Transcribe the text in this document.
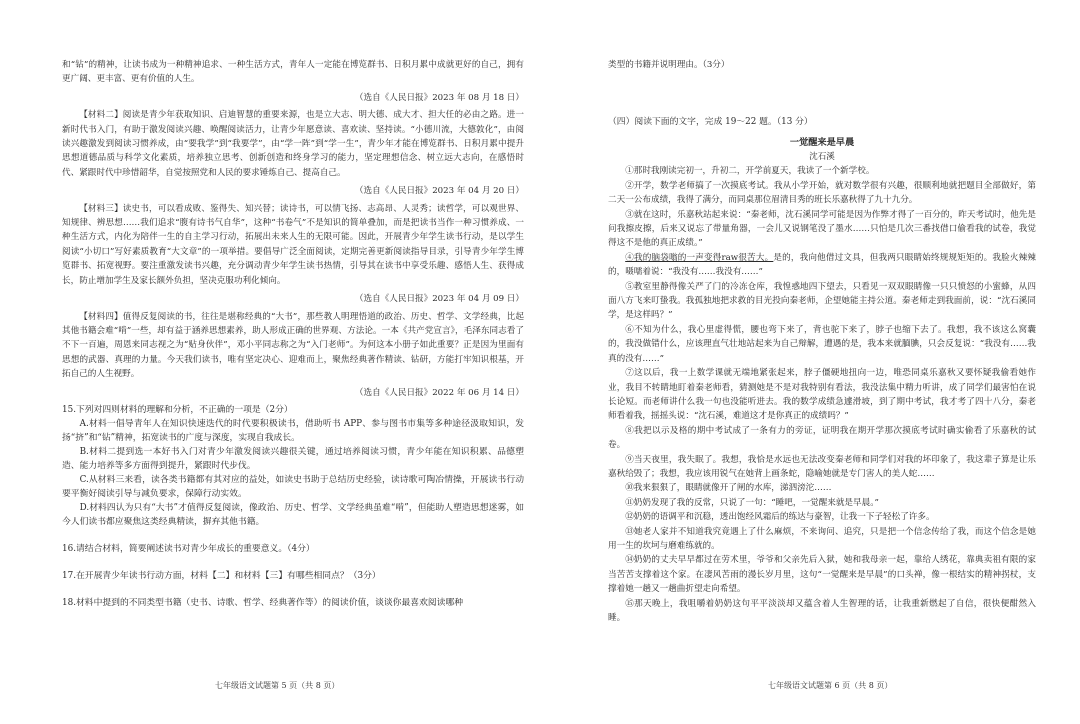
和“钻”的精神，让读书成为一种精神追求、一种生活方式，青年人一定能在博览群书、日积月累中成就更好的自己，拥有更广阔、更丰富、更有价值的人生。

（选自《人民日报》2023 年 08 月 18 日）

【材料二】阅读是青少年获取知识、启迪智慧的重要来源，也是立大志、明大德、成大才、担大任的必由之路。进一新时代书入门，有助于激发阅读兴趣、唤醒阅读活力，让青少年愿意读、喜欢读、坚持读。“小德川流，大德敦化”，由阅读兴趣激发到阅读习惯养成，由“要我学”到“我要学”，由“学一阵”到“学一生”，青少年才能在博览群书、日积月累中提升思想道德品质与科学文化素质，培养独立思考、创新创造和终身学习的能力，坚定理想信念、树立远大志向，在感悟时代、紧跟时代中珍惜韶华，自觉按照党和人民的要求锤炼自己、提高自己。

（选自《人民日报》2023 年 04 月 20 日）

【材料三】读史书，可以看成败、鉴得失、知兴替；读诗书，可以情飞扬、志高昂、人灵秀；读哲学，可以观世界、知规律、辨思想……我们追求“腹有诗书气自华”，这种“书卷气”不是知识的简单叠加，而是把读书当作一种习惯养成、一种生活方式，内化为陪伴一生的自主学习行动，拓展出未来人生的无限可能。因此，开展青少年学生读书行动，是以学生阅读“小切口”写好素质教育“大文章”的一项举措。要倡导广泛全面阅读，定期完善更新阅读指导目录，引导青少年学生博览群书、拓宽视野。要注重激发读书兴趣，充分调动青少年学生读书热情，引导其在读书中享受乐趣、感悟人生、获得成长，防止增加学生及家长额外负担，坚决克服功利化倾向。

（选自《人民日报》2023 年 04 月 09 日）

【材料四】值得反复阅读的书，往往是堪称经典的“大书”，那些教人明理悟道的政治、历史、哲学、文学经典，比起其他书籍会难“啃”一些，却有益于涵养思想素养，助人形成正确的世界观、方法论。一本《共产党宣言》，毛泽东同志看了不下一百遍，周恩来同志视之为“贴身伙伴”，邓小平同志称之为“入门老师”。为何这本小册子如此重要？正是因为里面有思想的武器、真理的力量。今天我们读书，唯有坚定决心、迎难而上，聚焦经典著作精读、钻研，方能打牢知识根基，开拓自己的人生视野。

（选自《人民日报》2022 年 06 月 14 日）

15.下列对四则材料的理解和分析，不正确的一项是（2分）

A.材料一倡导青年人在知识快速迭代的时代要积极读书，借助听书 APP、参与图书市集等多种途径汲取知识，发扬“挤”和“钻”精神，拓宽读书的广度与深度，实现自我成长。

B.材料二提到选一本好书入门对青少年激发阅读兴趣很关键，通过培养阅读习惯，青少年能在知识积累、品德塑造、能力培养等多方面得到提升，紧跟时代步伐。

C.从材料三来看，读各类书籍都有其对应的益处，如读史书助于总结历史经验，读诗歌可陶冶情操，开展读书行动要平衡好阅读引导与减负要求，保障行动实效。

D.材料四认为只有“大书”才值得反复阅读，像政治、历史、哲学、文学经典虽难“啃”，但能助人塑造思想迷雾，如今人们读书都应聚焦这类经典精读，摒弃其他书籍。

16.请结合材料，简要阐述读书对青少年成长的重要意义。（4分）

17.在开展青少年读书行动方面，材料【二】和材料【三】有哪些相同点？（3分）

18.材料中提到的不同类型书籍（史书、诗歌、哲学、经典著作等）的阅读价值，谈谈你最喜欢阅读哪种

七年级语文试题第 5 页（共 8 页）

类型的书籍并说明理由。（3分）

（四）阅读下面的文字，完成 19～22 题。（13 分）

一觉醒来是早晨

沈石溪

①那时我刚读完初一，升初二，开学前夏天，我读了一个新学校。

②开学，数学老师搞了一次摸底考试。我从小学开始，就对数学很有兴趣，很顺利地就把题目全部做好，第二天一公布成绩，我得了满分，而同桌那位眉清目秀的班长乐嘉秋得了九十九分。

③就在这时，乐嘉秋站起来说：“秦老师，沈石溪同学可能是因为作弊才得了一百分的，昨天考试时，他先是问我擦皮擦，后来又说忘了带量角器，一会儿又说钢笔没了墨水……只怕是几次三番找借口偷看我的试卷，我觉得这不是他的真正成绩。”

④我的脑袋嗡的一声变得raw很苦大。是的，我向他借过文具，但我两只眼睛始终规规矩矩的。我脸火辣辣的，嗫嚅着说：“我没有……我没有……”

⑤教室里静得像关严了门的冷冻仓库，我惶惑地四下望去，只看见一双双眼睛像一只只愤怒的小蜜蜂，从四面八方飞来叮蛰我。我孤独地把求救的目光投向秦老师，企望她能主持公道。秦老师走到我面前，说：“沈石溪同学，是这样吗？”

⑥不知为什么，我心里虚得慌，腰也弯下来了，背也驼下来了，脖子也缩下去了。我想，我不该这么窝囊的，我没做错什么，应该理直气壮地站起来为自己辩解，遭遇的是，我本来就腼腆，只会反复说：“我没有……我真的没有……”

⑦这以后，我一上数学课就无端地紧张起来，脖子僵硬地扭向一边，唯恐同桌乐嘉秋又要怀疑我偷看她作业，我目不转睛地盯着秦老师看，猜测她是不是对我特别有看法，我没法集中精力听讲，成了同学们最害怕在说长论短。而老师讲什么我一句也没能听进去。我的数学成绩急遽滑坡，到了期中考试，我才考了四十八分，秦老师看着我，摇摇头说：“沈石溪，难道这才是你真正的成绩吗？”

⑧我把以示及格的期中考试成了一条有力的旁证，证明我在期开学那次摸底考试时确实偷看了乐嘉秋的试卷。

⑨当天夜里，我失眠了。我想，我恰是水远也无法改变秦老师和同学们对我的坏印象了，我这辈子算是让乐嘉秋给毁了；我想，我应该用锐气在她背上画条蛇，隐喻她就是专门害人的美人蛇……

⑩我来狠狠了，眼睛就像开了闸的水库，涕泗滂沱……

⑪奶奶发现了我的反常，只说了一句：“睡吧，一觉醒来就是早晨。”

⑫奶奶的语调平和沉稳，透出饱经风霜后的练达与豪智，让我一下子轻松了许多。

⑬她老人家并不知道我究竟遇上了什么麻烦，不来询问、追究，只是把一个信念传给了我，而这个信念是她用一生的坎坷与磨难练就的。

⑭奶奶的丈夫早早都过在劳术里，爷爷和父亲先后入狱，她和我母亲一起，靠给人绣花，靠典卖祖有限的家当苦苦支撑着这个家。在凄风苦雨的漫长岁月里，这句“一觉醒来是早晨”的口头禅，像一根结实的精神拐杖，支撑着她一趟又一趟曲折望走向希望。

⑮那天晚上，我咀嚼着奶奶这句平平淡淡却又蕴含着人生智理的话，让我重新燃起了自信，很快便酣然入睡。

七年级语文试题第 6 页（共 8 页）
